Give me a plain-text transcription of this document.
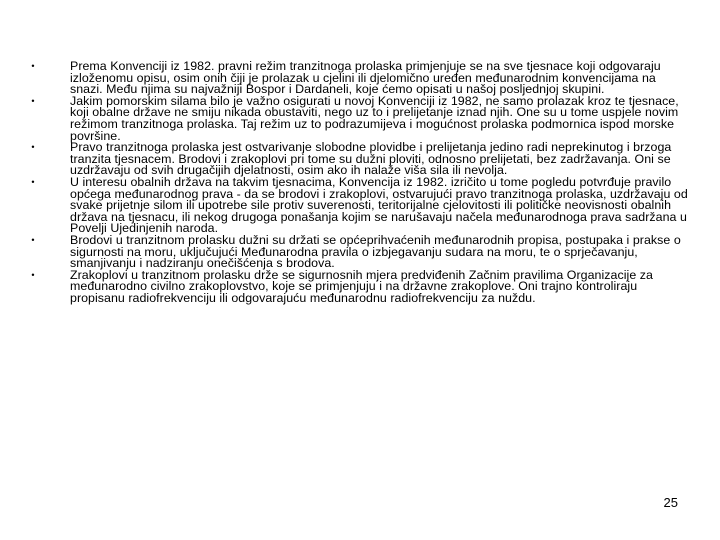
•	Prema Konvenciji iz 1982. pravni režim tranzitnoga prolaska primjenjuje se na sve tjesnace koji odgovaraju izloženomu opisu, osim onih čiji je prolazak u cjelini ili djelomično uređen međunarodnim konvencijama na snazi. Među njima su najvažniji Bospor i Dardaneli, koje ćemo opisati u našoj posljednjoj skupini.
•	Jakim pomorskim silama bilo je važno osigurati u novoj Konvenciji iz 1982, ne samo prolazak kroz te tjesnace, koji obalne države ne smiju nikada obustaviti, nego uz to i prelijetanje iznad njih. One su u tome uspjele novim režimom tranzitnoga prolaska. Taj režim uz to podrazumijeva i mogućnost prolaska podmornica ispod morske površine.
•	Pravo tranzitnoga prolaska jest ostvarivanje slobodne plovidbe i prelijetanja jedino radi neprekinutog i brzoga tranzita tjesnacem. Brodovi i zrakoplovi pri tome su dužni ploviti, odnosno prelijetati, bez zadržavanja. Oni se uzdržavaju od svih drugačijih djelatnosti, osim ako ih nalaže viša sila ili nevolja.
•	U interesu obalnih država na takvim tjesnacima, Konvencija iz 1982. izričito u tome pogledu potvrđuje pravilo općega međunarodnog prava - da se brodovi i zrakoplovi, ostvarujući pravo tranzitnoga prolaska, uzdržavaju od svake prijetnje silom ili upotrebe sile protiv suverenosti, teritorijalne cjelovitosti ili političke neovisnosti obalnih država na tjesnacu, ili nekog drugoga ponašanja kojim se narušavaju načela međunarodnoga prava sadržana u Povelji Ujedinjenih naroda.
•	Brodovi u tranzitnom prolasku dužni su držati se općeprihvaćenih međunarodnih propisa, postupaka i prakse o sigurnosti na moru, uključujući Međunarodna pravila o izbjegavanju sudara na moru, te o sprječavanju, smanjivanju i nadziranju onečišćenja s brodova.
•	Zrakoplovi u tranzitnom prolasku drže se sigurnosnih mjera predviđenih Začnim pravilima Organizacije za međunarodno civilno zrakoplovstvo, koje se primjenjuju i na državne zrakoplove. Oni trajno kontroliraju propisanu radiofrekvenciju ili odgovarajuću međunarodnu radiofrekvenciju za nuždu.
25
